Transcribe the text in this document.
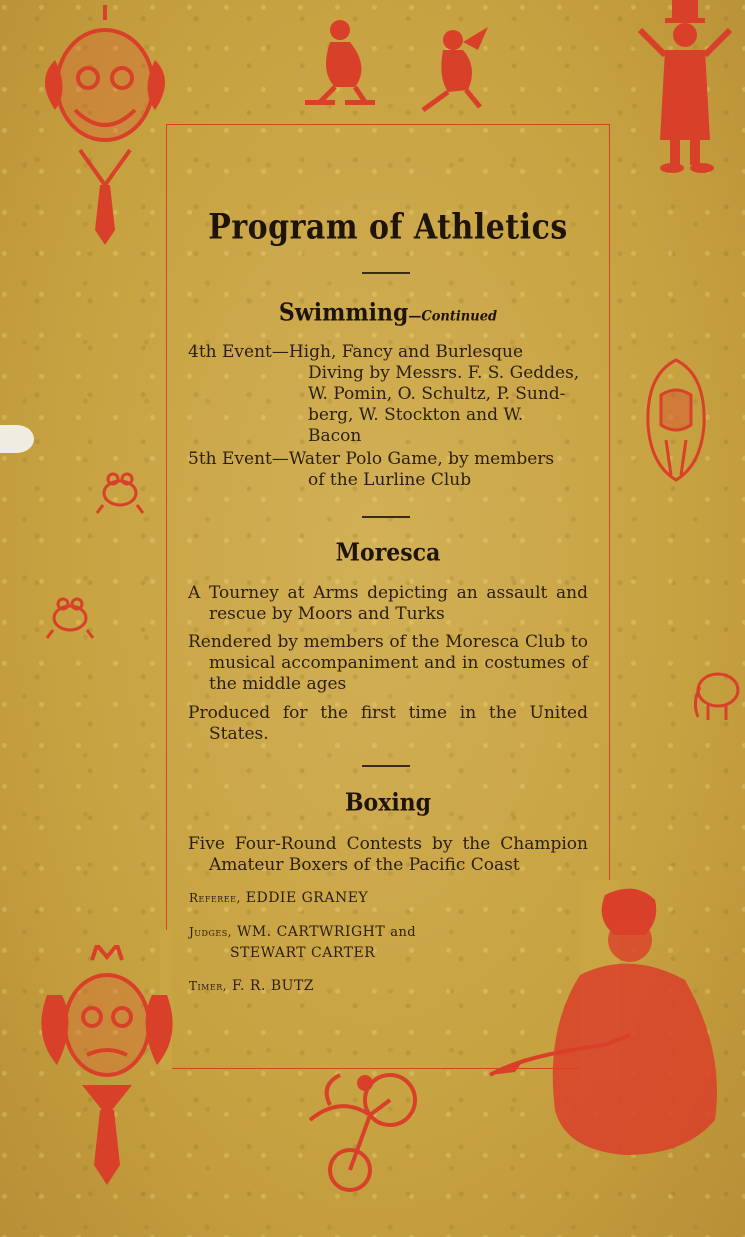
Program of Athletics
Swimming—Continued
4th Event—High, Fancy and Burlesque
Diving by Messrs. F. S. Geddes,
W. Pomin, O. Schultz, P. Sund-
berg, W. Stockton and W.
Bacon
5th Event—Water Polo Game, by members
of the Lurline Club
Moresca
A Tourney at Arms depicting an assault and rescue by Moors and Turks
Rendered by members of the Moresca Club to musical accompaniment and in costumes of the middle ages
Produced for the first time in the United States.
Boxing
Five Four-Round Contests by the Champion Amateur Boxers of the Pacific Coast
Referee, EDDIE GRANEY
Judges, WM. CARTWRIGHT and
STEWART CARTER
Timer, F. R. BUTZ
